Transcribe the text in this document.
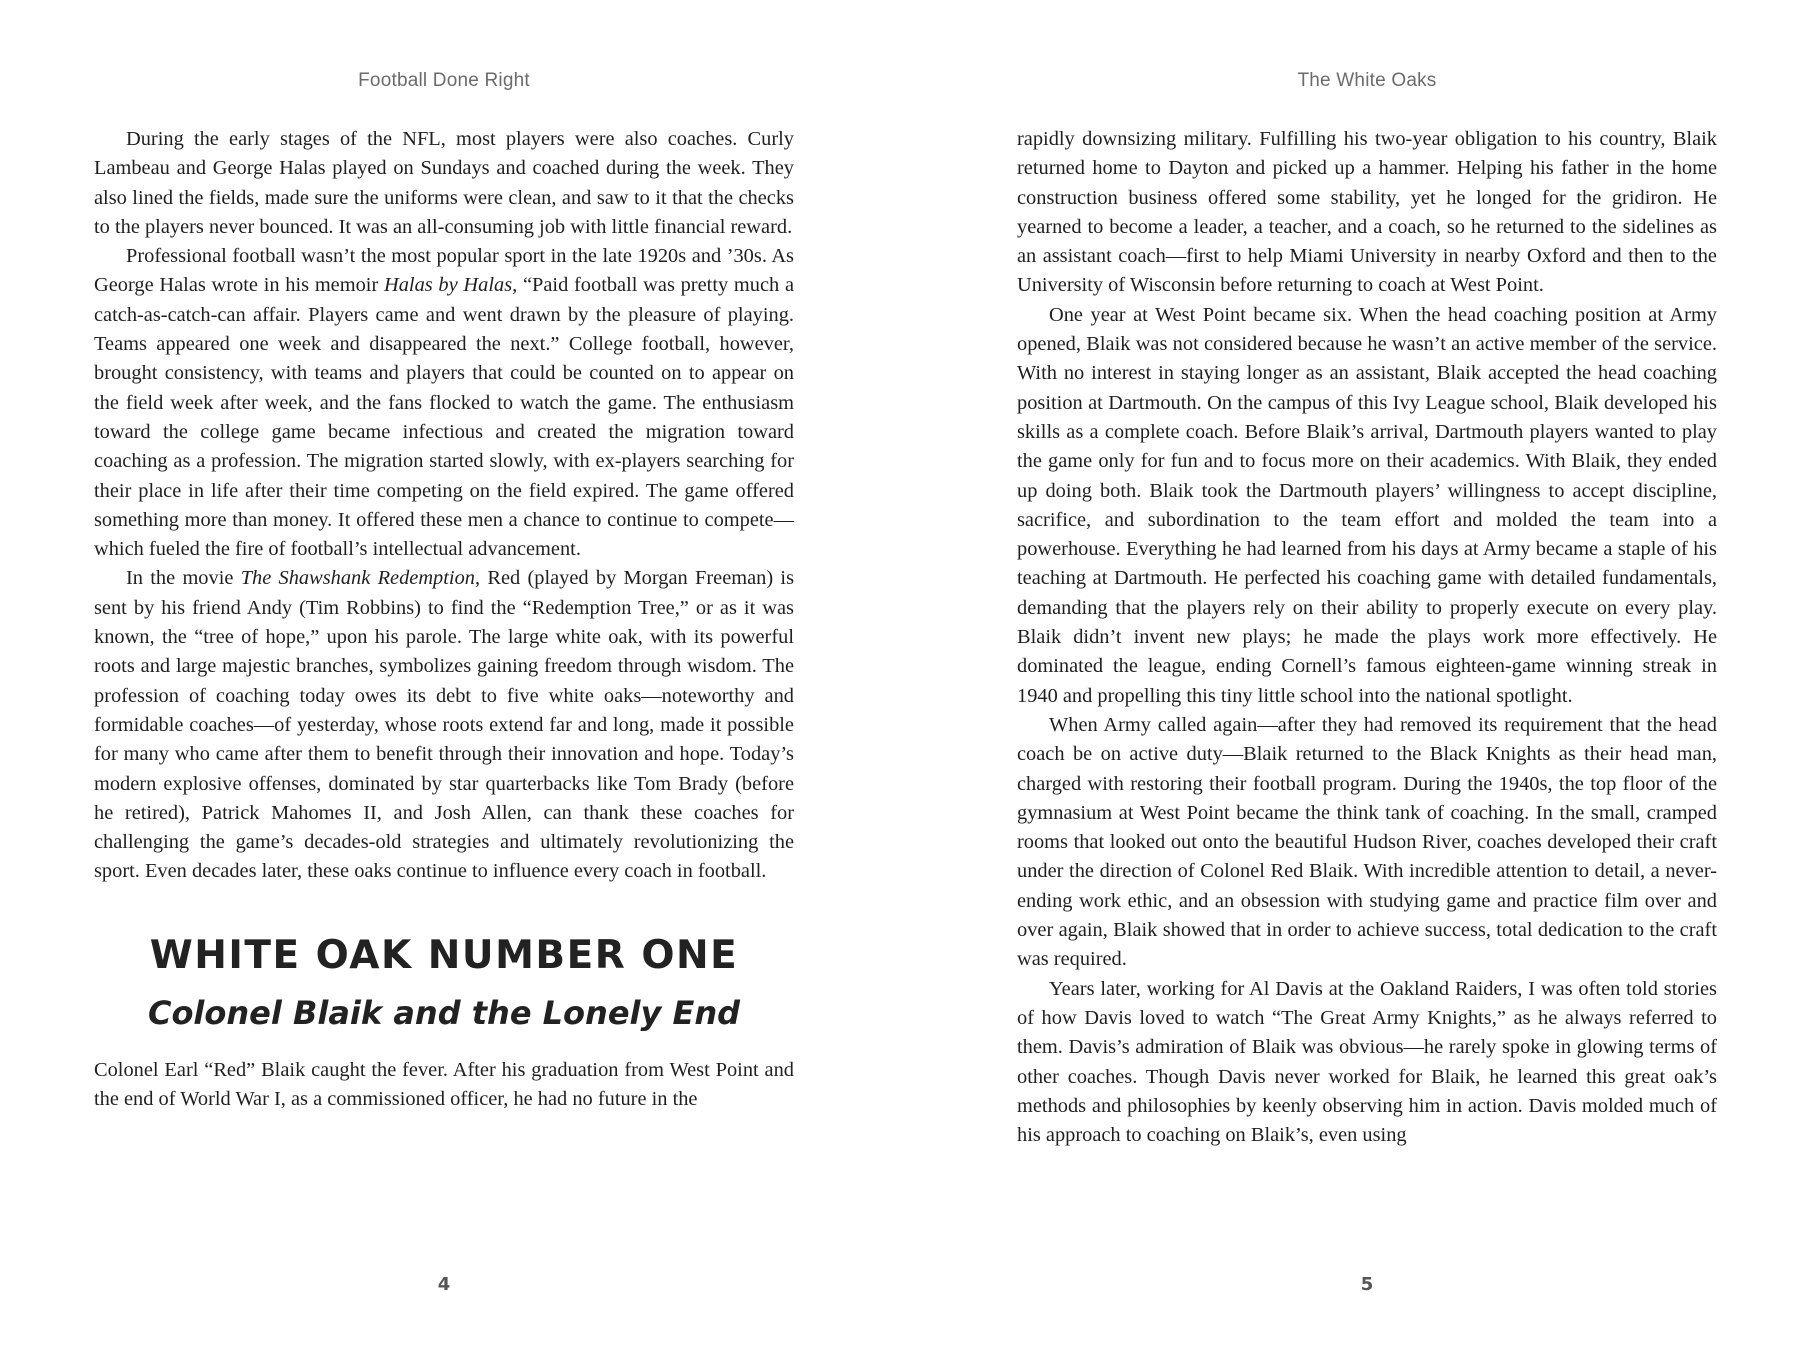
Football Done Right

During the early stages of the NFL, most players were also coaches. Curly Lambeau and George Halas played on Sundays and coached during the week. They also lined the fields, made sure the uniforms were clean, and saw to it that the checks to the players never bounced. It was an all-consuming job with little financial reward.

Professional football wasn’t the most popular sport in the late 1920s and ’30s. As George Halas wrote in his memoir Halas by Halas, “Paid football was pretty much a catch-as-catch-can affair. Players came and went drawn by the pleasure of playing. Teams appeared one week and disappeared the next.” College football, however, brought consistency, with teams and players that could be counted on to appear on the field week after week, and the fans flocked to watch the game. The enthusiasm toward the college game became infectious and created the migration toward coaching as a profession. The migration started slowly, with ex-players searching for their place in life after their time competing on the field expired. The game offered something more than money. It offered these men a chance to continue to compete—which fueled the fire of football’s intellectual advancement.

In the movie The Shawshank Redemption, Red (played by Morgan Freeman) is sent by his friend Andy (Tim Robbins) to find the “Redemption Tree,” or as it was known, the “tree of hope,” upon his parole. The large white oak, with its powerful roots and large majestic branches, symbolizes gaining freedom through wisdom. The profession of coaching today owes its debt to five white oaks—noteworthy and formidable coaches—of yesterday, whose roots extend far and long, made it possible for many who came after them to benefit through their innovation and hope. Today’s modern explosive offenses, dominated by star quarterbacks like Tom Brady (before he retired), Patrick Mahomes II, and Josh Allen, can thank these coaches for challenging the game’s decades-old strategies and ultimately revolutionizing the sport. Even decades later, these oaks continue to influence every coach in football.

WHITE OAK NUMBER ONE
Colonel Blaik and the Lonely End

Colonel Earl “Red” Blaik caught the fever. After his graduation from West Point and the end of World War I, as a commissioned officer, he had no future in the

4
The White Oaks

rapidly downsizing military. Fulfilling his two-year obligation to his country, Blaik returned home to Dayton and picked up a hammer. Helping his father in the home construction business offered some stability, yet he longed for the gridiron. He yearned to become a leader, a teacher, and a coach, so he returned to the sidelines as an assistant coach—first to help Miami University in nearby Oxford and then to the University of Wisconsin before returning to coach at West Point.

One year at West Point became six. When the head coaching position at Army opened, Blaik was not considered because he wasn’t an active member of the service. With no interest in staying longer as an assistant, Blaik accepted the head coaching position at Dartmouth. On the campus of this Ivy League school, Blaik developed his skills as a complete coach. Before Blaik’s arrival, Dartmouth players wanted to play the game only for fun and to focus more on their academics. With Blaik, they ended up doing both. Blaik took the Dartmouth players’ willingness to accept discipline, sacrifice, and subordination to the team effort and molded the team into a powerhouse. Everything he had learned from his days at Army became a staple of his teaching at Dartmouth. He perfected his coaching game with detailed fundamentals, demanding that the players rely on their ability to properly execute on every play. Blaik didn’t invent new plays; he made the plays work more effectively. He dominated the league, ending Cornell’s famous eighteen-game winning streak in 1940 and propelling this tiny little school into the national spotlight.

When Army called again—after they had removed its requirement that the head coach be on active duty—Blaik returned to the Black Knights as their head man, charged with restoring their football program. During the 1940s, the top floor of the gymnasium at West Point became the think tank of coaching. In the small, cramped rooms that looked out onto the beautiful Hudson River, coaches developed their craft under the direction of Colonel Red Blaik. With incredible attention to detail, a never-ending work ethic, and an obsession with studying game and practice film over and over again, Blaik showed that in order to achieve success, total dedication to the craft was required.

Years later, working for Al Davis at the Oakland Raiders, I was often told stories of how Davis loved to watch “The Great Army Knights,” as he always referred to them. Davis’s admiration of Blaik was obvious—he rarely spoke in glowing terms of other coaches. Though Davis never worked for Blaik, he learned this great oak’s methods and philosophies by keenly observing him in action. Davis molded much of his approach to coaching on Blaik’s, even using

5
